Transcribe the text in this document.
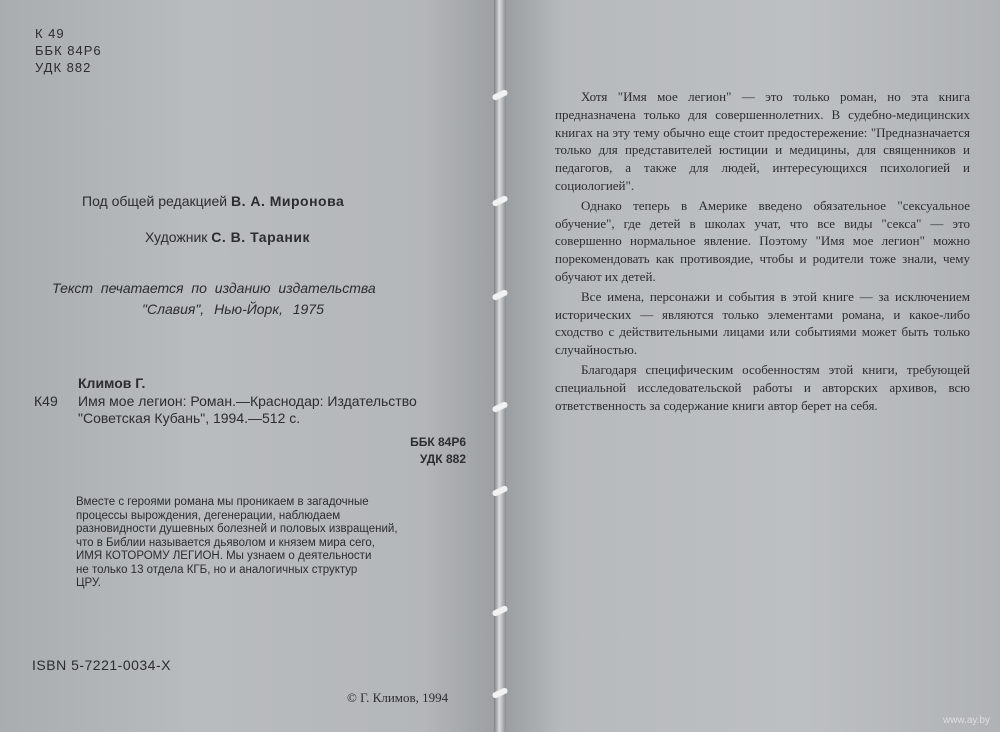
К 49
ББК 84Р6
УДК 882
Под общей редакцией В. А. Миронова
Художник С. В. Тараник
Текст печатается по изданию издательства
"Славия", Нью-Йорк, 1975
Климов Г.
К49 Имя мое легион: Роман.—Краснодар: Издательство
"Советская Кубань", 1994.—512 с.
ББК 84Р6
УДК 882
Вместе с героями романа мы проникаем в загадочные
процессы вырождения, дегенерации, наблюдаем
разновидности душевных болезней и половых извращений,
что в Библии называется дьяволом и князем мира сего,
ИМЯ КОТОРОМУ ЛЕГИОН. Мы узнаем о деятельности
не только 13 отдела КГБ, но и аналогичных структур
ЦРУ.
ISBN 5-7221-0034-X
© Г. Климов, 1994

Хотя "Имя мое легион" — это только роман, но эта книга предназначена только для совершеннолетних. В судебно-медицинских книгах на эту тему обычно еще стоит предостережение: "Предназначается только для представителей юстиции и медицины, для священников и педагогов, а также для людей, интересующихся психологией и социологией".

Однако теперь в Америке введено обязательное "сексуальное обучение", где детей в школах учат, что все виды "секса" — это совершенно нормальное явление. Поэтому "Имя мое легион" можно порекомендовать как противоядие, чтобы и родители тоже знали, чему обучают их детей.

Все имена, персонажи и события в этой книге — за исключением исторических — являются только элементами романа, и какое-либо сходство с действительными лицами или событиями может быть только случайностью.

Благодаря специфическим особенностям этой книги, требующей специальной исследовательской работы и авторских архивов, всю ответственность за содержание книги автор берет на себя.

www.ay.by
